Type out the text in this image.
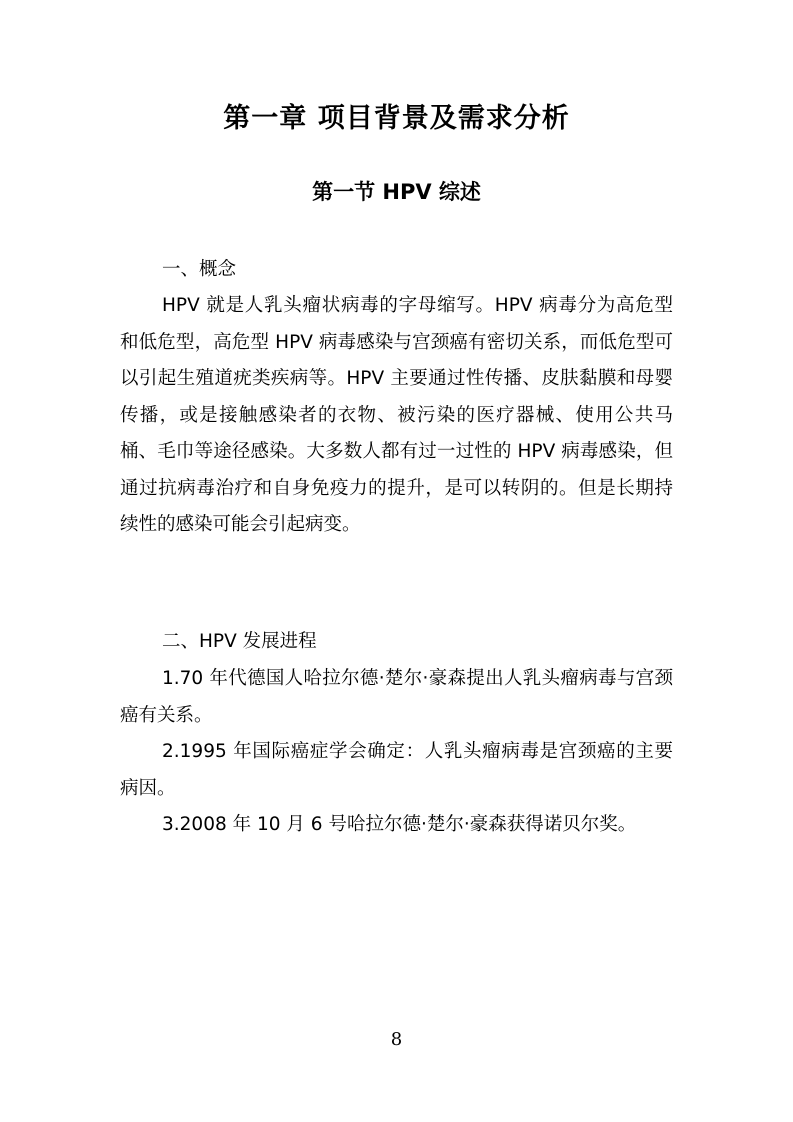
第一章 项目背景及需求分析
第一节 HPV 综述

一、概念

HPV 就是人乳头瘤状病毒的字母缩写。HPV 病毒分为高危型和低危型，高危型 HPV 病毒感染与宫颈癌有密切关系，而低危型可以引起生殖道疣类疾病等。HPV 主要通过性传播、皮肤黏膜和母婴传播，或是接触感染者的衣物、被污染的医疗器械、使用公共马桶、毛巾等途径感染。大多数人都有过一过性的 HPV 病毒感染，但通过抗病毒治疗和自身免疫力的提升，是可以转阴的。但是长期持续性的感染可能会引起病变。

二、HPV 发展进程

1.70 年代德国人哈拉尔德·楚尔·豪森提出人乳头瘤病毒与宫颈癌有关系。

2.1995 年国际癌症学会确定：人乳头瘤病毒是宫颈癌的主要病因。

3.2008 年 10 月 6 号哈拉尔德·楚尔·豪森获得诺贝尔奖。

8
